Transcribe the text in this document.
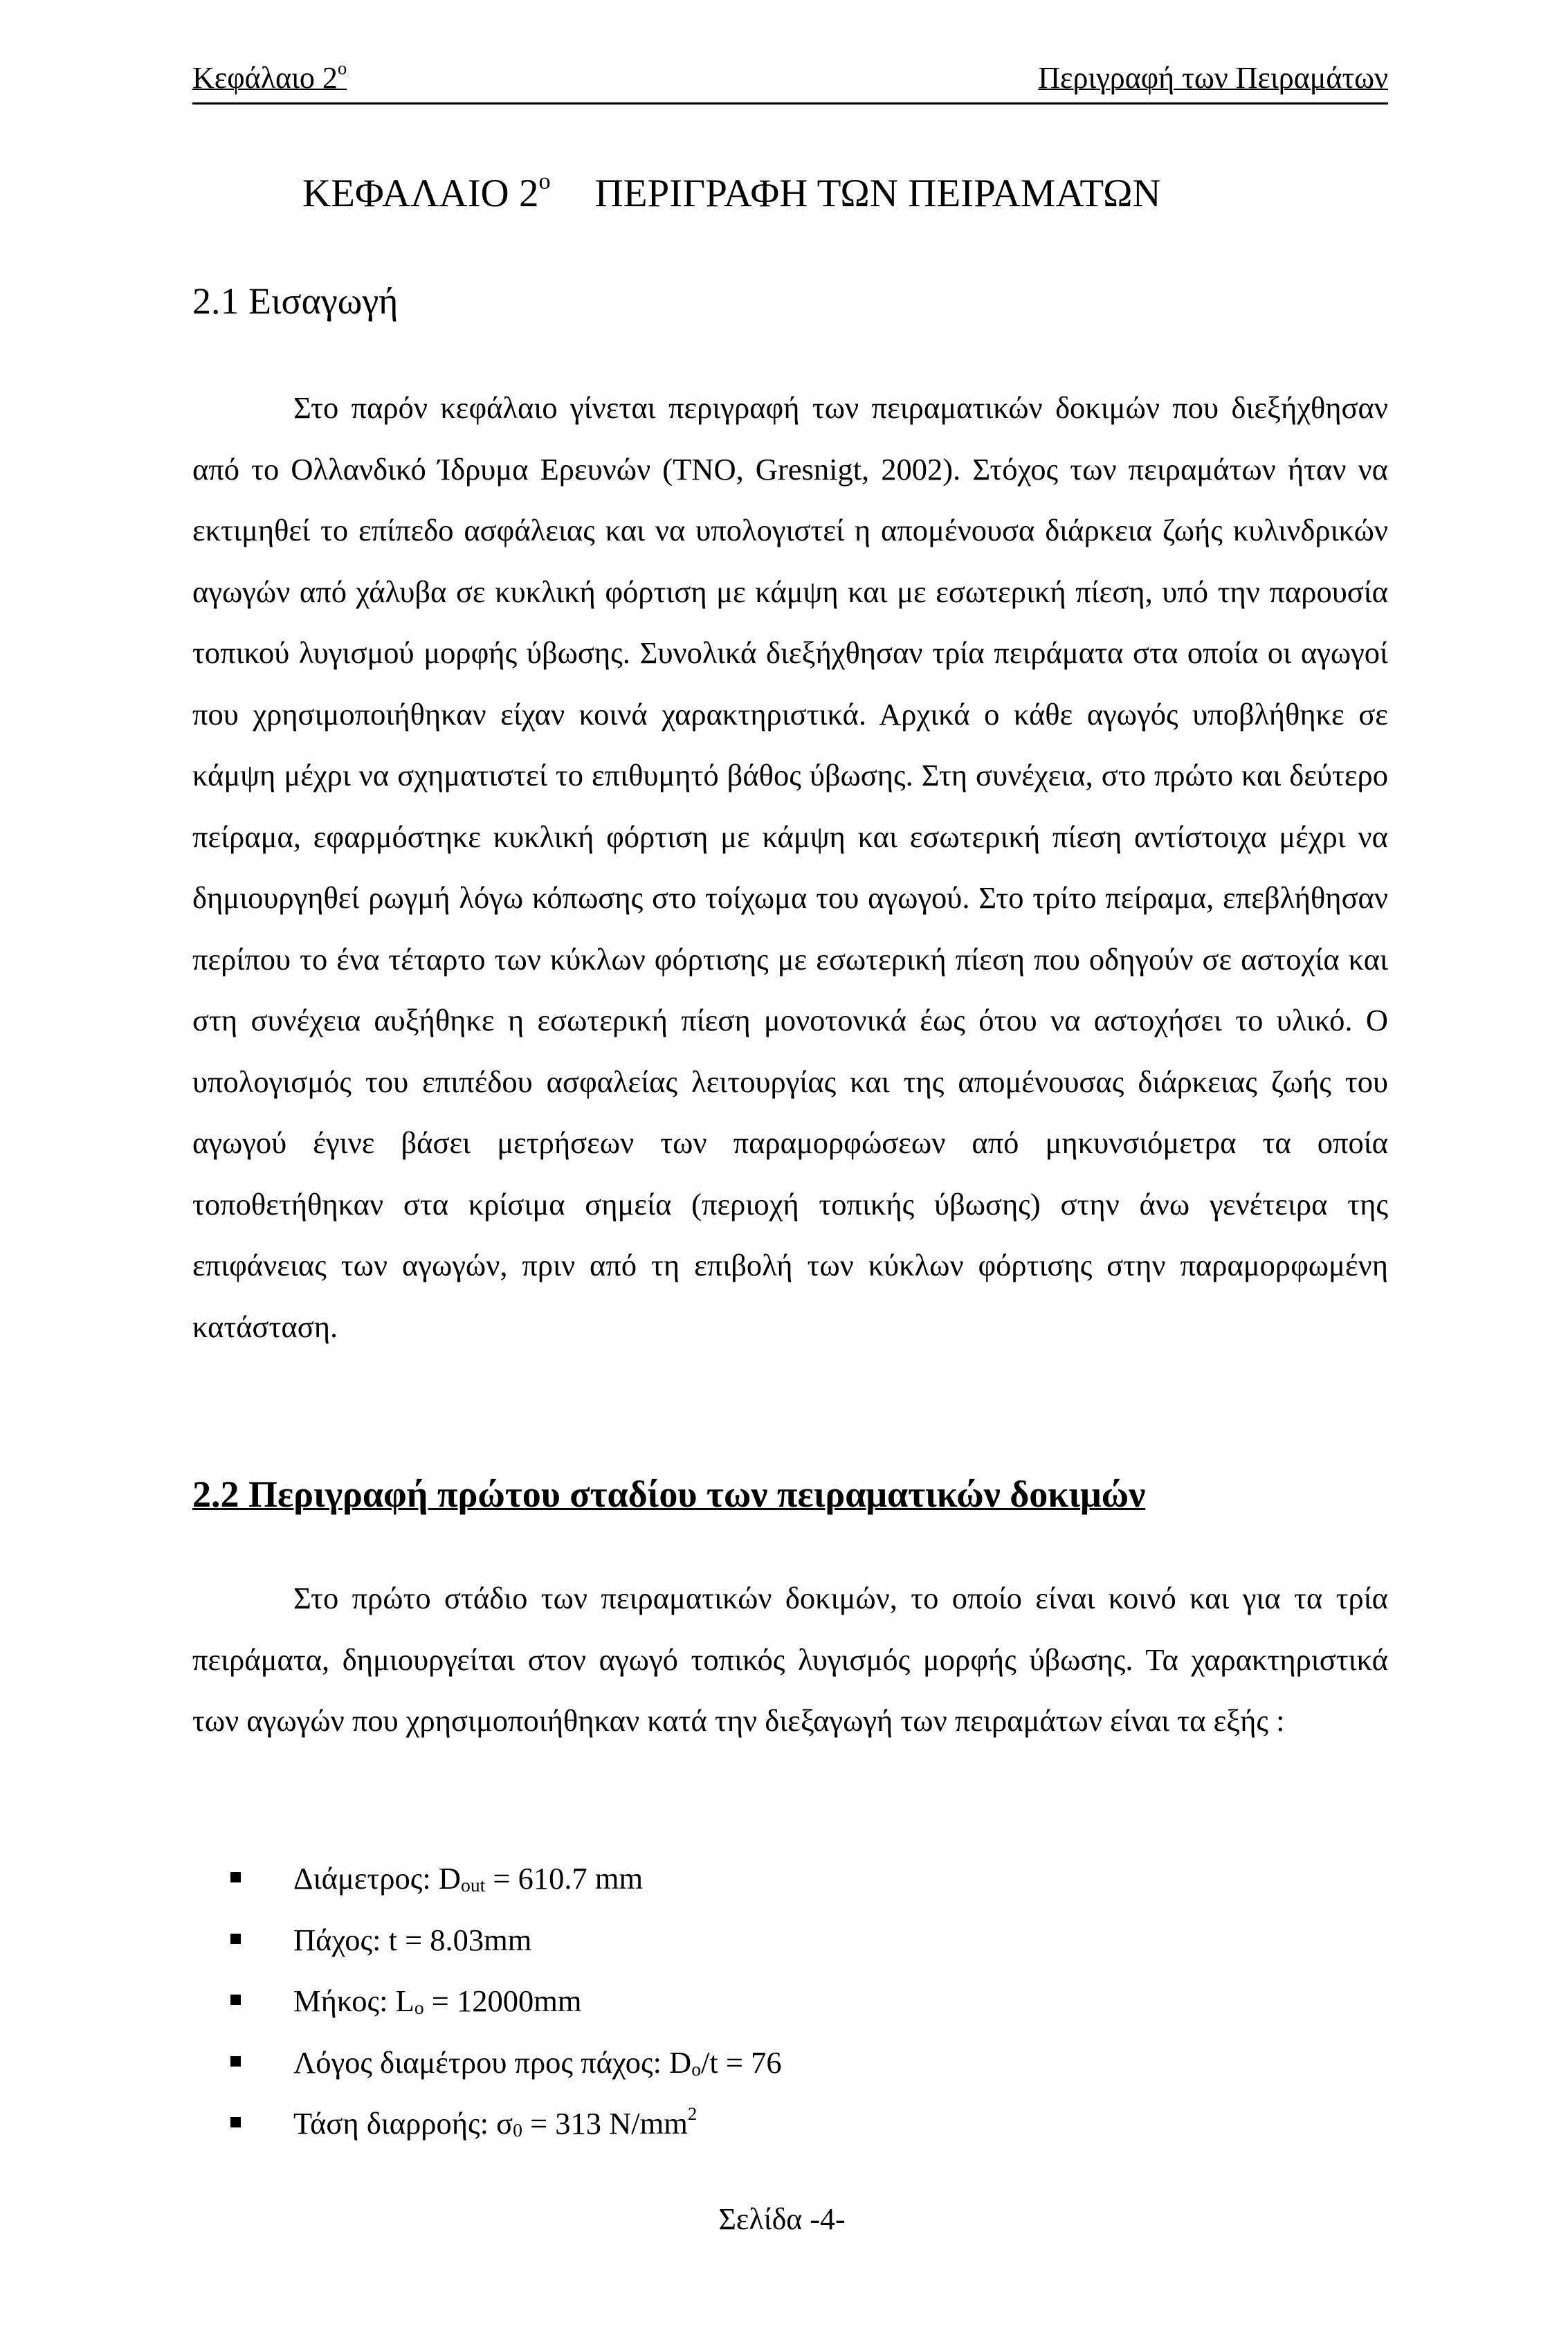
Κεφάλαιο $2^o$	Περιγραφή των Πειραμάτων
ΚΕΦΑΛΑΙΟ $2^o$ ΠΕΡΙΓΡΑΦΗ ΤΩΝ ΠΕΙΡΑΜΑΤΩΝ
2.1 Εισαγωγή

Στο παρόν κεφάλαιο γίνεται περιγραφή των πειραματικών δοκιμών που διεξήχθησαν από το Ολλανδικό Ίδρυμα Ερευνών (TNO, Gresnigt, 2002). Στόχος των πειραμάτων ήταν να εκτιμηθεί το επίπεδο ασφάλειας και να υπολογιστεί η απομένουσα διάρκεια ζωής κυλινδρικών αγωγών από χάλυβα σε κυκλική φόρτιση με κάμψη και με εσωτερική πίεση, υπό την παρουσία τοπικού λυγισμού μορφής ύβωσης. Συνολικά διεξήχθησαν τρία πειράματα στα οποία οι αγωγοί που χρησιμοποιήθηκαν είχαν κοινά χαρακτηριστικά. Αρχικά ο κάθε αγωγός υποβλήθηκε σε κάμψη μέχρι να σχηματιστεί το επιθυμητό βάθος ύβωσης. Στη συνέχεια, στο πρώτο και δεύτερο πείραμα, εφαρμόστηκε κυκλική φόρτιση με κάμψη και εσωτερική πίεση αντίστοιχα μέχρι να δημιουργηθεί ρωγμή λόγω κόπωσης στο τοίχωμα του αγωγού. Στο τρίτο πείραμα, επεβλήθησαν περίπου το ένα τέταρτο των κύκλων φόρτισης με εσωτερική πίεση που οδηγούν σε αστοχία και στη συνέχεια αυξήθηκε η εσωτερική πίεση μονοτονικά έως ότου να αστοχήσει το υλικό. Ο υπολογισμός του επιπέδου ασφαλείας λειτουργίας και της απομένουσας διάρκειας ζωής του αγωγού έγινε βάσει μετρήσεων των παραμορφώσεων από μηκυνσιόμετρα τα οποία τοποθετήθηκαν στα κρίσιμα σημεία (περιοχή τοπικής ύβωσης) στην άνω γενέτειρα της επιφάνειας των αγωγών, πριν από τη επιβολή των κύκλων φόρτισης στην παραμορφωμένη κατάσταση.

2.2 Περιγραφή πρώτου σταδίου των πειραματικών δοκιμών

Στο πρώτο στάδιο των πειραματικών δοκιμών, το οποίο είναι κοινό και για τα τρία πειράματα, δημιουργείται στον αγωγό τοπικός λυγισμός μορφής ύβωσης. Τα χαρακτηριστικά των αγωγών που χρησιμοποιήθηκαν κατά την διεξαγωγή των πειραμάτων είναι τα εξής :

Διάμετρος: $D_{out} = 610.7$ mm
Πάχος: t = 8.03mm
Μήκος: $L_o = 12000mm$
Λόγος διαμέτρου προς πάχος: $D_o/t = 76$
Τάση διαρροής: $\sigma_0 = 313$ $N/mm^2$
Σελίδα -4-
